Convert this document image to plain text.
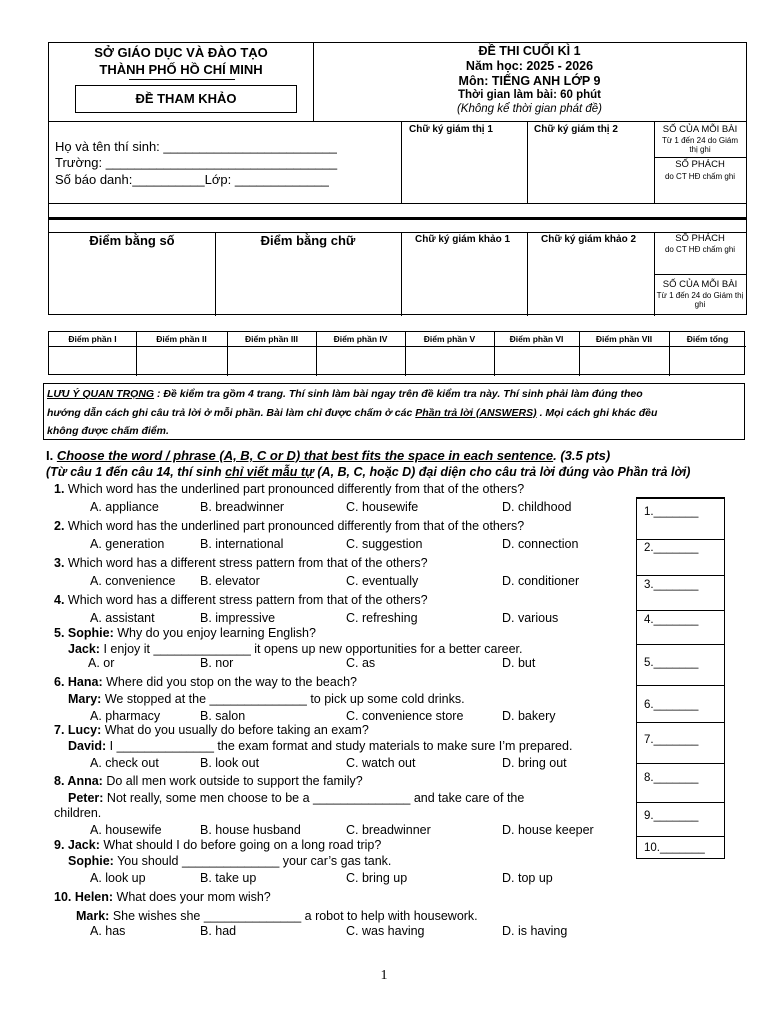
SỞ GIÁO DỤC VÀ ĐÀO TẠO
THÀNH PHỐ HỒ CHÍ MINH
ĐỀ THAM KHẢO
ĐỀ THI CUỐI KÌ 1
Năm học: 2025 - 2026
Môn: TIẾNG ANH LỚP 9
Thời gian làm bài: 60 phút
(Không kể thời gian phát đề)
Họ và tên thí sinh: ________________________
Trường: ________________________________
Số báo danh:__________Lớp: _____________
Chữ ký giám thị 1	Chữ ký giám thị 2	SỐ CỦA MỖI BÀI
Từ 1 đến 24 do Giám thị ghi
SỐ PHÁCH
do CT HĐ chấm ghi
Điểm bằng số	Điểm bằng chữ	Chữ ký giám khảo 1	Chữ ký giám khảo 2	SỐ PHÁCH
do CT HĐ chấm ghi
SỐ CỦA MỖI BÀI
Từ 1 đến 24 do Giám thị ghi
Điểm phần I	Điểm phần II	Điểm phần III	Điểm phần IV	Điểm phần V	Điểm phần VI	Điểm phần VII	Điểm tổng
LƯU Ý QUAN TRỌNG : Đề kiểm tra gồm 4 trang. Thí sinh làm bài ngay trên đề kiểm tra này. Thí sinh phải làm đúng theo
hướng dẫn cách ghi câu trả lời ở mỗi phần. Bài làm chỉ được chấm ở các Phần trả lời (ANSWERS) . Mọi cách ghi khác đều
không được chấm điểm.
I. Choose the word / phrase (A, B, C or D) that best fits the space in each sentence. (3.5 pts)
(Từ câu 1 đến câu 14, thí sinh chỉ viết mẫu tự (A, B, C, hoặc D) đại diện cho câu trả lời đúng vào Phần trả lời)
1. Which word has the underlined part pronounced differently from that of the others?
A. appliance	B. breadwinner	C. housewife	D. childhood
2. Which word has the underlined part pronounced differently from that of the others?
A. generation	B. international	C. suggestion	D. connection
3. Which word has a different stress pattern from that of the others?
A. convenience B. elevator	C. eventually	D. conditioner
4. Which word has a different stress pattern from that of the others?
A. assistant	B. impressive	C. refreshing	D. various
5. Sophie: Why do you enjoy learning English?
Jack: I enjoy it ______________ it opens up new opportunities for a better career.
A. or	B. nor	C. as	D. but
6. Hana: Where did you stop on the way to the beach?
Mary: We stopped at the ______________ to pick up some cold drinks.
A. pharmacy	B. salon	C. convenience store	D. bakery
7. Lucy: What do you usually do before taking an exam?
David: I ______________ the exam format and study materials to make sure I’m prepared.
A. check out	B. look out	C. watch out	D. bring out
8. Anna: Do all men work outside to support the family?
Peter: Not really, some men choose to be a ______________ and take care of the
children.
A. housewife	B. house husband	C. breadwinner	D. house keeper
9. Jack: What should I do before going on a long road trip?
Sophie: You should ______________ your car’s gas tank.
A. look up	B. take up	C. bring up	D. top up
10. Helen: What does your mom wish?
Mark: She wishes she ______________ a robot to help with housework.
A. has	B. had	C. was having	D. is having
1._______
2._______
3._______
4._______
5._______
6._______
7._______
8._______
9._______
10._______
1
